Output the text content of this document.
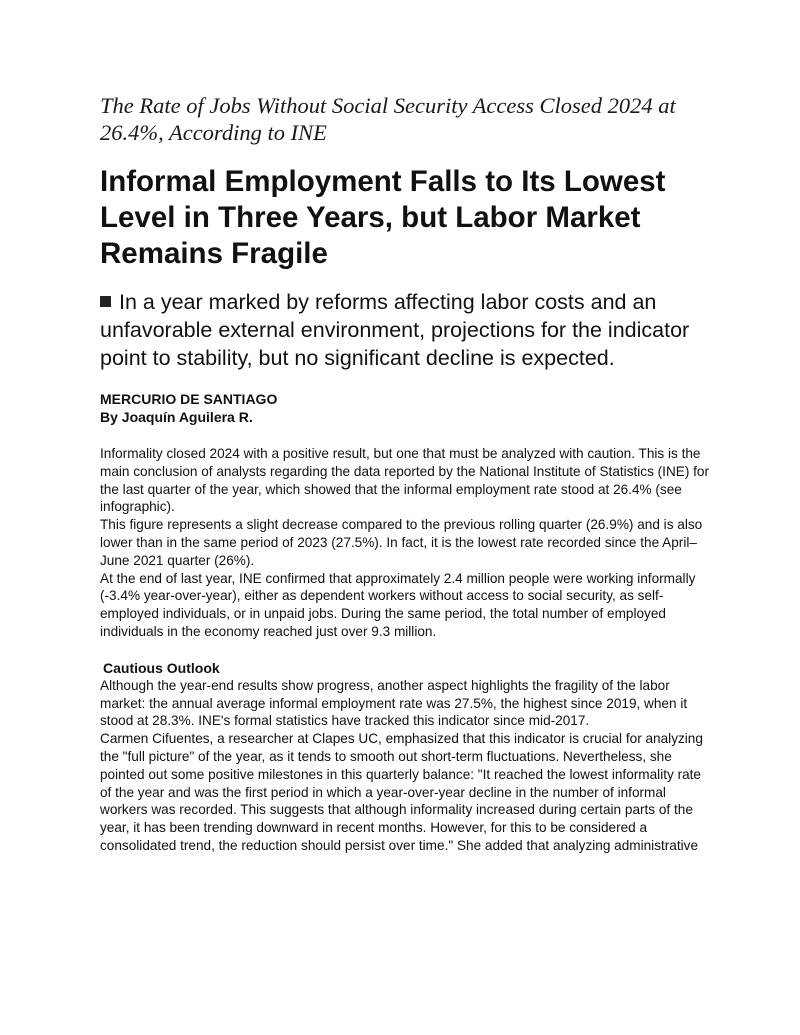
The Rate of Jobs Without Social Security Access Closed 2024 at 26.4%, According to INE
Informal Employment Falls to Its Lowest Level in Three Years, but Labor Market Remains Fragile
In a year marked by reforms affecting labor costs and an unfavorable external environment, projections for the indicator point to stability, but no significant decline is expected.
MERCURIO DE SANTIAGO
By Joaquín Aguilera R.

Informality closed 2024 with a positive result, but one that must be analyzed with caution. This is the main conclusion of analysts regarding the data reported by the National Institute of Statistics (INE) for the last quarter of the year, which showed that the informal employment rate stood at 26.4% (see infographic).

This figure represents a slight decrease compared to the previous rolling quarter (26.9%) and is also lower than in the same period of 2023 (27.5%). In fact, it is the lowest rate recorded since the April–June 2021 quarter (26%).

At the end of last year, INE confirmed that approximately 2.4 million people were working informally (-3.4% year-over-year), either as dependent workers without access to social security, as self-employed individuals, or in unpaid jobs. During the same period, the total number of employed individuals in the economy reached just over 9.3 million.

Cautious Outlook

Although the year-end results show progress, another aspect highlights the fragility of the labor market: the annual average informal employment rate was 27.5%, the highest since 2019, when it stood at 28.3%. INE's formal statistics have tracked this indicator since mid-2017.

Carmen Cifuentes, a researcher at Clapes UC, emphasized that this indicator is crucial for analyzing the "full picture" of the year, as it tends to smooth out short-term fluctuations. Nevertheless, she pointed out some positive milestones in this quarterly balance: "It reached the lowest informality rate of the year and was the first period in which a year-over-year decline in the number of informal workers was recorded. This suggests that although informality increased during certain parts of the year, it has been trending downward in recent months. However, for this to be considered a consolidated trend, the reduction should persist over time." She added that analyzing administrative
